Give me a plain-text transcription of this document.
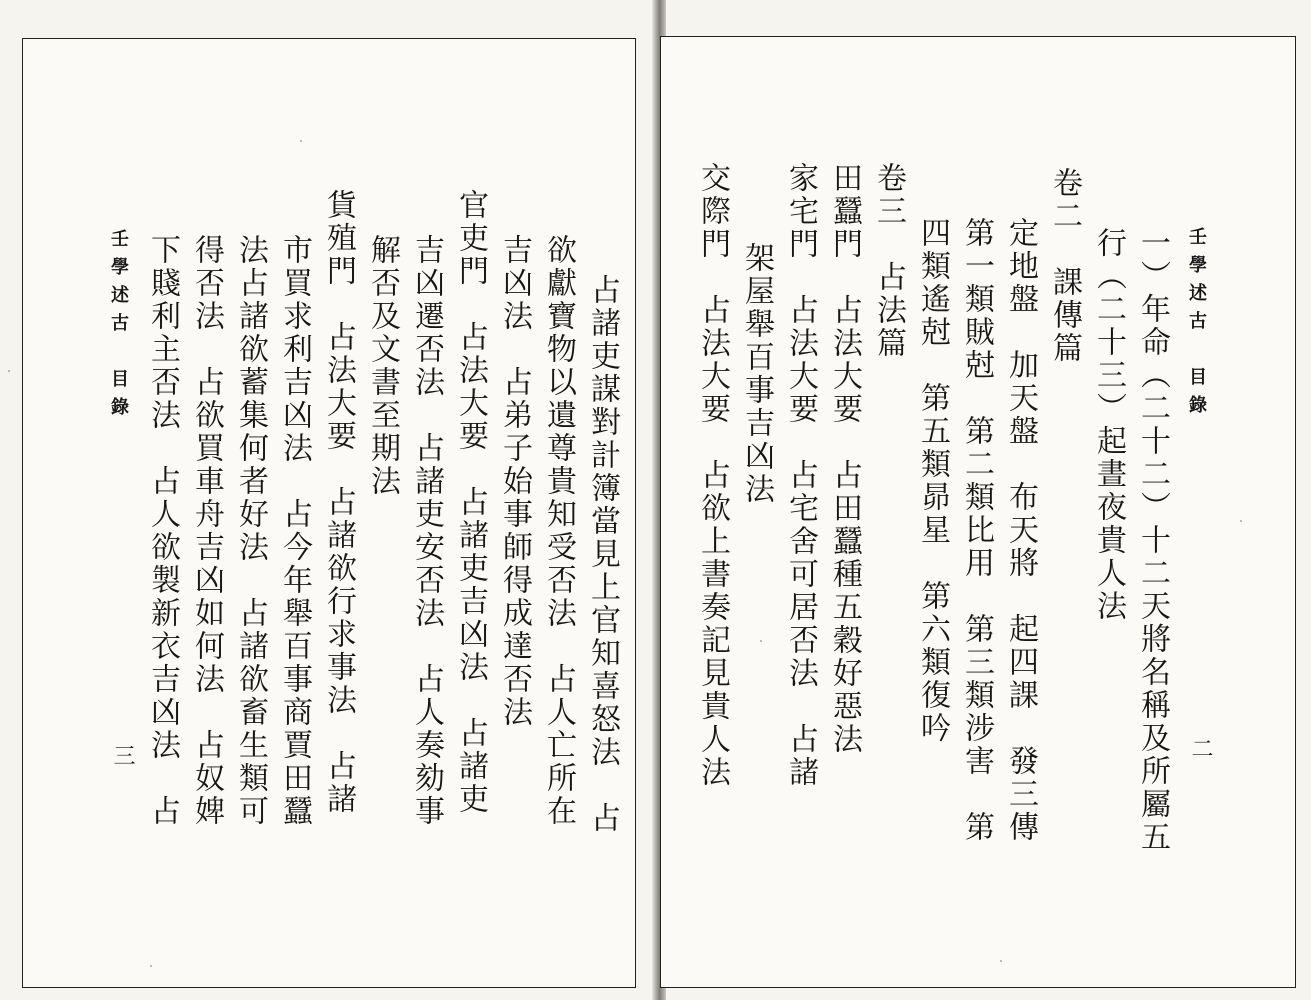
壬學述古　目錄	占諸吏謀對計簿當見上官知喜怒法　占
欲獻寶物以遺尊貴知受否法　占人亡所在
吉凶法　占弟子始事師得成達否法
官吏門　占法大要　占諸吏吉凶法　占諸吏
吉凶遷否法　占諸吏安否法　占人奏劾事
解否及文書至期法
貨殖門　占法大要　占諸欲行求事法　占諸
市買求利吉凶法　占今年舉百事商賈田蠶
法占諸欲蓄集何者好法　占諸欲畜生類可
得否法　占欲買車舟吉凶如何法　占奴婢
下賤利主否法　占人欲製新衣吉凶法　占
三
壬學述古　目錄
一）年命（二十二）十二天將名稱及所屬五
行（二十三）起晝夜貴人法
卷二　課傳篇
定地盤　加天盤　布天將　起四課　發三傳
第一類賊尅　第二類比用　第三類涉害　第
四類遙尅　第五類昴星　第六類復吟
卷三　占法篇
田蠶門　占法大要　占田蠶種五穀好惡法
家宅門　占法大要　占宅舍可居否法　占諸
架屋舉百事吉凶法
交際門　占法大要　占欲上書奏記見貴人法	二
